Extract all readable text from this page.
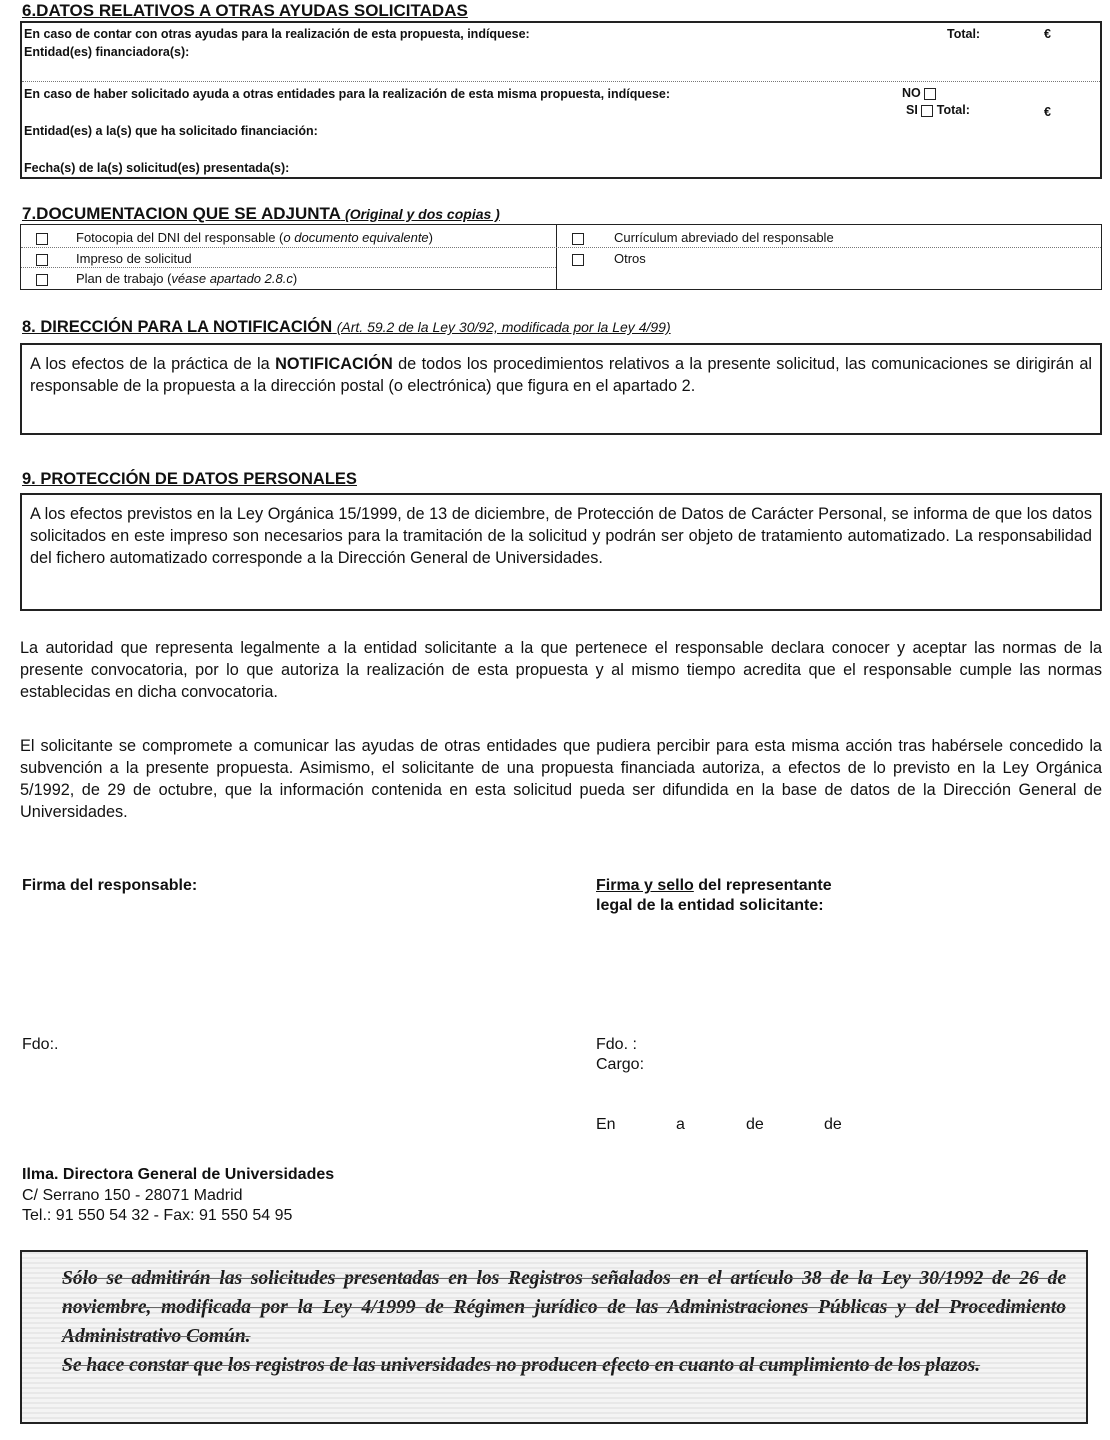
6.DATOS RELATIVOS A OTRAS AYUDAS SOLICITADAS
En caso de contar con otras ayudas para la realización de esta propuesta, indíquese:	Total:	€
Entidad(es) financiadora(s):
En caso de haber solicitado ayuda a otras entidades para la realización de esta misma propuesta, indíquese:	NO
SI Total:	€
Entidad(es) a la(s) que ha solicitado financiación:
Fecha(s) de la(s) solicitud(es) presentada(s):
7.DOCUMENTACION QUE SE ADJUNTA (Original y dos copias )
Fotocopia del DNI del responsable (o documento equivalente)
Impreso de solicitud
Plan de trabajo (véase apartado 2.8.c)
Currículum abreviado del responsable
Otros
8. DIRECCIÓN PARA LA NOTIFICACIÓN (Art. 59.2 de la Ley 30/92, modificada por la Ley 4/99)
A los efectos de la práctica de la NOTIFICACIÓN de todos los procedimientos relativos a la presente solicitud, las comunicaciones se dirigirán al responsable de la propuesta a la dirección postal (o electrónica) que figura en el apartado 2.
9. PROTECCIÓN DE DATOS PERSONALES
A los efectos previstos en la Ley Orgánica 15/1999, de 13 de diciembre, de Protección de Datos de Carácter Personal, se informa de que los datos solicitados en este impreso son necesarios para la tramitación de la solicitud y podrán ser objeto de tratamiento automatizado. La responsabilidad del fichero automatizado corresponde a la Dirección General de Universidades.
La autoridad que representa legalmente a la entidad solicitante a la que pertenece el responsable declara conocer y aceptar las normas de la presente convocatoria, por lo que autoriza la realización de esta propuesta y al mismo tiempo acredita que el responsable cumple las normas establecidas en dicha convocatoria.
El solicitante se compromete a comunicar las ayudas de otras entidades que pudiera percibir para esta misma acción tras habérsele concedido la subvención a la presente propuesta. Asimismo, el solicitante de una propuesta financiada autoriza, a efectos de lo previsto en la Ley Orgánica 5/1992, de 29 de octubre, que la información contenida en esta solicitud pueda ser difundida en la base de datos de la Dirección General de Universidades.
Firma del responsable:	Firma y sello del representante
legal de la entidad solicitante:
Fdo:.	Fdo. :
Cargo:
En	a	de	de
Ilma. Directora General de Universidades
C/ Serrano 150 - 28071 Madrid
Tel.: 91 550 54 32 - Fax: 91 550 54 95

Sólo se admitirán las solicitudes presentadas en los Registros señalados en el artículo 38 de la Ley 30/1992 de 26 de noviembre, modificada por la Ley 4/1999 de Régimen jurídico de las Administraciones Públicas y del Procedimiento Administrativo Común.

Se hace constar que los registros de las universidades no producen efecto en cuanto al cumplimiento de los plazos.
